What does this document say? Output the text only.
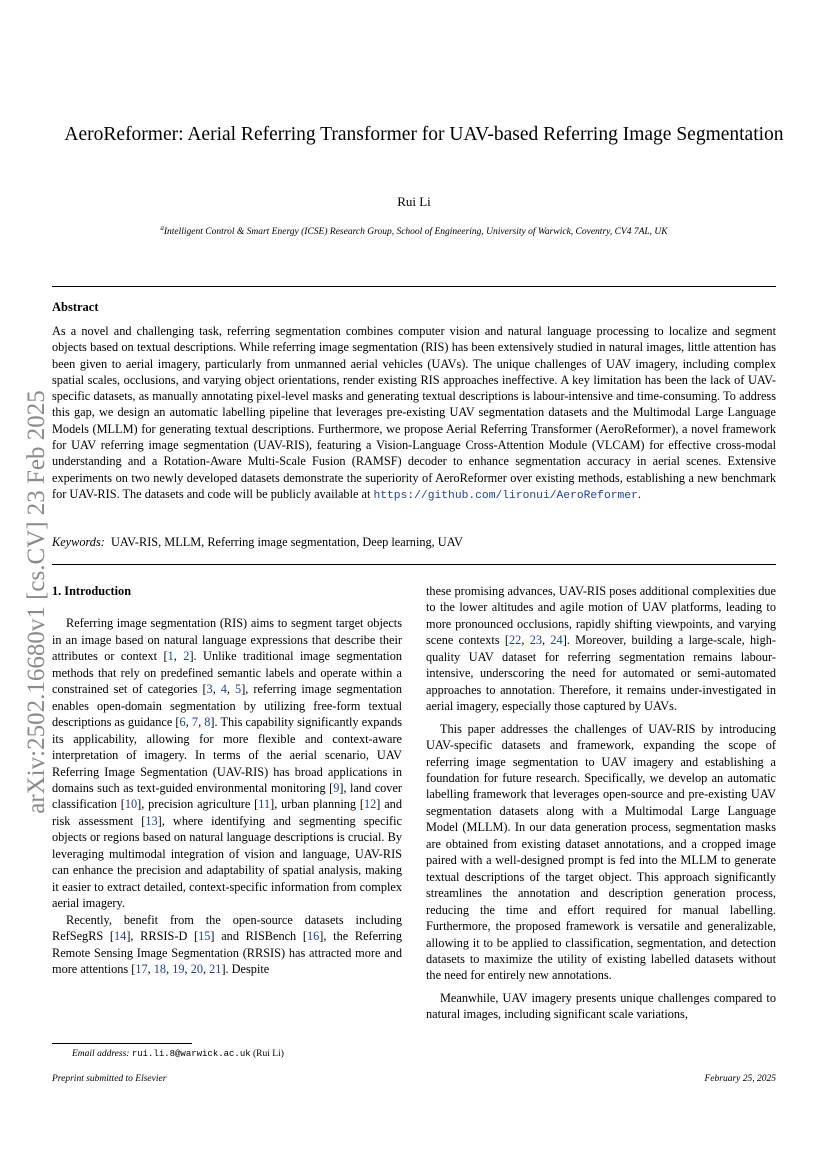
arXiv:2502.16680v1 [cs.CV] 23 Feb 2025
AeroReformer: Aerial Referring Transformer for UAV-based Referring Image Segmentation
Rui Li
$^a$Intelligent Control & Smart Energy (ICSE) Research Group, School of Engineering, University of Warwick, Coventry, CV4 7AL, UK
Abstract
As a novel and challenging task, referring segmentation combines computer vision and natural language processing to localize and segment objects based on textual descriptions. While referring image segmentation (RIS) has been extensively studied in natural images, little attention has been given to aerial imagery, particularly from unmanned aerial vehicles (UAVs). The unique challenges of UAV imagery, including complex spatial scales, occlusions, and varying object orientations, render existing RIS approaches ineffective. A key limitation has been the lack of UAV-specific datasets, as manually annotating pixel-level masks and generating textual descriptions is labour-intensive and time-consuming. To address this gap, we design an automatic labelling pipeline that leverages pre-existing UAV segmentation datasets and the Multimodal Large Language Models (MLLM) for generating textual descriptions. Furthermore, we propose Aerial Referring Transformer (AeroReformer), a novel framework for UAV referring image segmentation (UAV-RIS), featuring a Vision-Language Cross-Attention Module (VLCAM) for effective cross-modal understanding and a Rotation-Aware Multi-Scale Fusion (RAMSF) decoder to enhance segmentation accuracy in aerial scenes. Extensive experiments on two newly developed datasets demonstrate the superiority of AeroReformer over existing methods, establishing a new benchmark for UAV-RIS. The datasets and code will be publicly available at https://github.com/lironui/AeroReformer.
Keywords: UAV-RIS, MLLM, Referring image segmentation, Deep learning, UAV

1. Introduction

Referring image segmentation (RIS) aims to segment target objects in an image based on natural language expressions that describe their attributes or context [1, 2]. Unlike traditional image segmentation methods that rely on predefined semantic labels and operate within a constrained set of categories [3, 4, 5], referring image segmentation enables open-domain segmentation by utilizing free-form textual descriptions as guidance [6, 7, 8]. This capability significantly expands its applicability, allowing for more flexible and context-aware interpretation of imagery. In terms of the aerial scenario, UAV Referring Image Segmentation (UAV-RIS) has broad applications in domains such as text-guided environmental monitoring [9], land cover classification [10], precision agriculture [11], urban planning [12] and risk assessment [13], where identifying and segmenting specific objects or regions based on natural language descriptions is crucial. By leveraging multimodal integration of vision and language, UAV-RIS can enhance the precision and adaptability of spatial analysis, making it easier to extract detailed, context-specific information from complex aerial imagery.

Recently, benefit from the open-source datasets including RefSegRS [14], RRSIS-D [15] and RISBench [16], the Referring Remote Sensing Image Segmentation (RRSIS) has attracted more and more attentions [17, 18, 19, 20, 21]. Despite

these promising advances, UAV-RIS poses additional complexities due to the lower altitudes and agile motion of UAV platforms, leading to more pronounced occlusions, rapidly shifting viewpoints, and varying scene contexts [22, 23, 24]. Moreover, building a large-scale, high-quality UAV dataset for referring segmentation remains labour-intensive, underscoring the need for automated or semi-automated approaches to annotation. Therefore, it remains under-investigated in aerial imagery, especially those captured by UAVs.

This paper addresses the challenges of UAV-RIS by introducing UAV-specific datasets and framework, expanding the scope of referring image segmentation to UAV imagery and establishing a foundation for future research. Specifically, we develop an automatic labelling framework that leverages open-source and pre-existing UAV segmentation datasets along with a Multimodal Large Language Model (MLLM). In our data generation process, segmentation masks are obtained from existing dataset annotations, and a cropped image paired with a well-designed prompt is fed into the MLLM to generate textual descriptions of the target object. This approach significantly streamlines the annotation and description generation process, reducing the time and effort required for manual labelling. Furthermore, the proposed framework is versatile and generalizable, allowing it to be applied to classification, segmentation, and detection datasets to maximize the utility of existing labelled datasets without the need for entirely new annotations.

Meanwhile, UAV imagery presents unique challenges compared to natural images, including significant scale variations,

Email address: rui.li.8@warwick.ac.uk (Rui Li)
Preprint submitted to Elsevier	February 25, 2025
